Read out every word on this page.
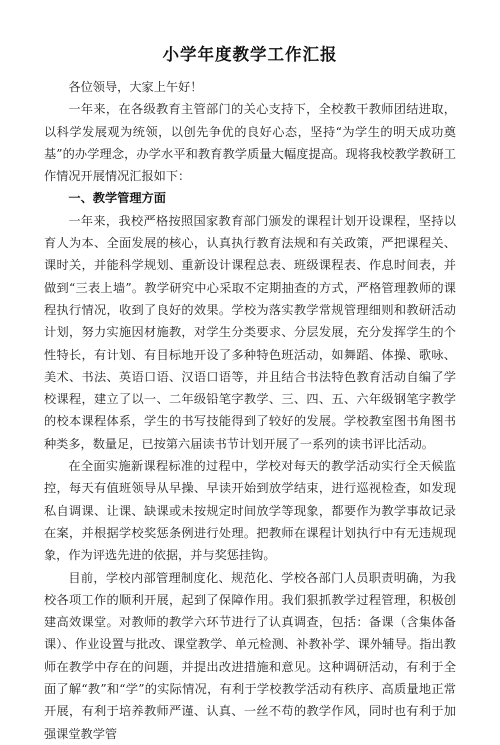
小学年度教学工作汇报

各位领导，大家上午好！

一年来，在各级教育主管部门的关心支持下，全校教干教师团结进取，以科学发展观为统领，以创先争优的良好心态，坚持“为学生的明天成功奠基”的办学理念，办学水平和教育教学质量大幅度提高。现将我校教学教研工作情况开展情况汇报如下：

一、教学管理方面

一年来，我校严格按照国家教育部门颁发的课程计划开设课程，坚持以育人为本、全面发展的核心，认真执行教育法规和有关政策，严把课程关、课时关，并能科学规划、重新设计课程总表、班级课程表、作息时间表，并做到“三表上墙”。教学研究中心采取不定期抽查的方式，严格管理教师的课程执行情况，收到了良好的效果。学校为落实教学常规管理细则和教研活动计划，努力实施因材施教，对学生分类要求、分层发展，充分发挥学生的个性特长，有计划、有目标地开设了多种特色班活动，如舞蹈、体操、歌咏、美术、书法、英语口语、汉语口语等，并且结合书法特色教育活动自编了学校课程，建立了以一、二年级铅笔字教学、三、四、五、六年级钢笔字教学的校本课程体系，学生的书写技能得到了较好的发展。学校教室图书角图书种类多，数量足，已按第六届读书节计划开展了一系列的读书评比活动。

在全面实施新课程标准的过程中，学校对每天的教学活动实行全天候监控，每天有值班领导从早操、早读开始到放学结束，进行巡视检查，如发现私自调课、让课、缺课或未按规定时间放学等现象，都要作为教学事故记录在案，并根据学校奖惩条例进行处理。把教师在课程计划执行中有无违规现象，作为评选先进的依据，并与奖惩挂钩。

目前，学校内部管理制度化、规范化、学校各部门人员职责明确，为我校各项工作的顺利开展，起到了保障作用。我们狠抓教学过程管理，积极创建高效课堂。对教师的教学六环节进行了认真调查，包括：备课（含集体备课）、作业设置与批改、课堂教学、单元检测、补教补学、课外辅导。指出教师在教学中存在的问题，并提出改进措施和意见。这种调研活动，有利于全面了解“教”和“学”的实际情况，有利于学校教学活动有秩序、高质量地正常开展，有利于培养教师严谨、认真、一丝不苟的教学作风，同时也有利于加强课堂教学管
